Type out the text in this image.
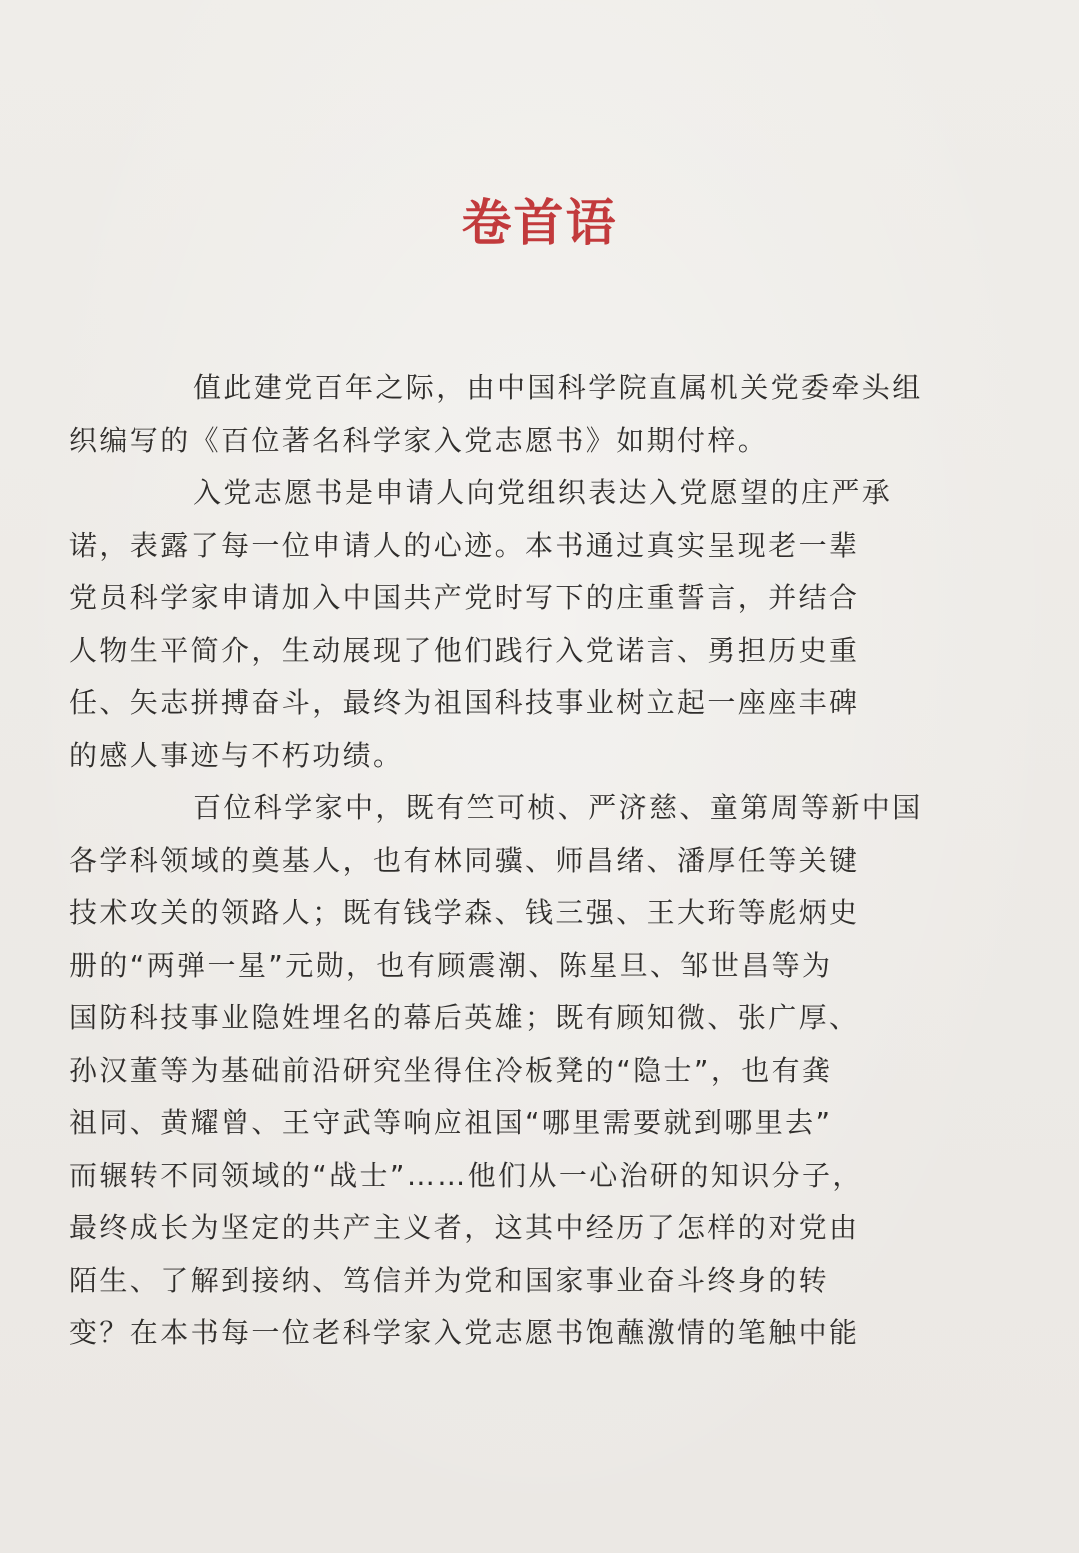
卷首语

值此建党百年之际，由中国科学院直属机关党委牵头组
织编写的《百位著名科学家入党志愿书》如期付梓。

入党志愿书是申请人向党组织表达入党愿望的庄严承
诺，表露了每一位申请人的心迹。本书通过真实呈现老一辈
党员科学家申请加入中国共产党时写下的庄重誓言，并结合
人物生平简介，生动展现了他们践行入党诺言、勇担历史重
任、矢志拼搏奋斗，最终为祖国科技事业树立起一座座丰碑
的感人事迹与不朽功绩。

百位科学家中，既有竺可桢、严济慈、童第周等新中国
各学科领域的奠基人，也有林同骥、师昌绪、潘厚任等关键
技术攻关的领路人；既有钱学森、钱三强、王大珩等彪炳史
册的“两弹一星”元勋，也有顾震潮、陈星旦、邹世昌等为
国防科技事业隐姓埋名的幕后英雄；既有顾知微、张广厚、
孙汉董等为基础前沿研究坐得住冷板凳的“隐士”，也有龚
祖同、黄耀曾、王守武等响应祖国“哪里需要就到哪里去”
而辗转不同领域的“战士”……他们从一心治研的知识分子，
最终成长为坚定的共产主义者，这其中经历了怎样的对党由
陌生、了解到接纳、笃信并为党和国家事业奋斗终身的转
变？在本书每一位老科学家入党志愿书饱蘸激情的笔触中能
